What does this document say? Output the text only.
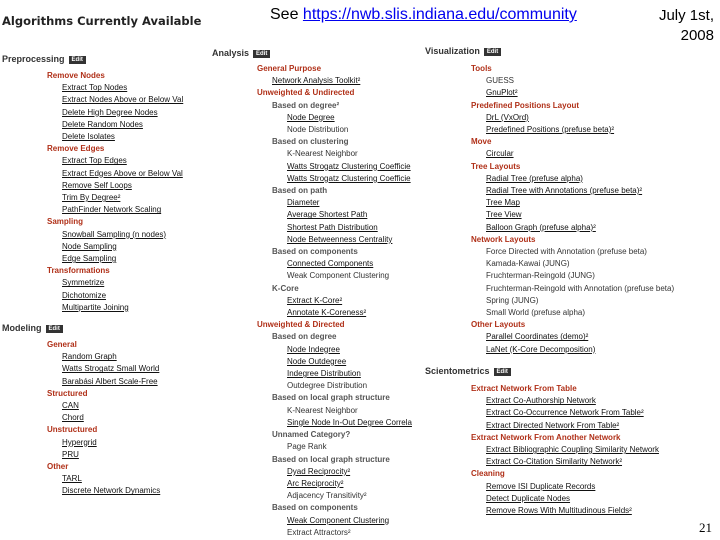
Algorithms Currently Available	See https://nwb.slis.indiana.edu/community	July 1st,
2008
Preprocessing Edit
Modeling Edit
Analysis Edit	Visualization Edit
Scientometrics Edit
Remove Nodes
Extract Top Nodes
Extract Nodes Above or Below Val
Delete High Degree Nodes
Delete Random Nodes
Delete Isolates
Remove Edges
Extract Top Edges
Extract Edges Above or Below Val
Remove Self Loops
Trim By Degree²
PathFinder Network Scaling
Sampling
Snowball Sampling (n nodes)
Node Sampling
Edge Sampling
Transformations
Symmetrize
Dichotomize
Multipartite Joining
General
Random Graph
Watts Strogatz Small World
Barabási Albert Scale-Free
Structured
CAN
Chord
Unstructured
Hypergrid
PRU
Other
TARL
Discrete Network Dynamics
General Purpose
Network Analysis Toolkit²
Unweighted & Undirected
Based on degree²
Node Degree
Node Distribution
Based on clustering
K-Nearest Neighbor
Watts Strogatz Clustering Coefficie
Watts Strogatz Clustering Coefficie
Based on path
Diameter
Average Shortest Path
Shortest Path Distribution
Node Betweenness Centrality
Based on components
Connected Components
Weak Component Clustering
K-Core
Extract K-Core²
Annotate K-Coreness²
Unweighted & Directed
Based on degree
Node Indegree
Node Outdegree
Indegree Distribution
Outdegree Distribution
Based on local graph structure
K-Nearest Neighbor
Single Node In-Out Degree Correla
Unnamed Category?
Page Rank
Based on local graph structure
Dyad Reciprocity²
Arc Reciprocity²
Adjacency Transitivity²
Based on components
Weak Component Clustering
Extract Attractors²
Tools
GUESS
GnuPlot²
Predefined Positions Layout
DrL (VxOrd)
Predefined Positions (prefuse beta)²
Move
Circular
Tree Layouts
Radial Tree (prefuse alpha)
Radial Tree with Annotations (prefuse beta)²
Tree Map
Tree View
Balloon Graph (prefuse alpha)²
Network Layouts
Force Directed with Annotation (prefuse beta)
Kamada-Kawai (JUNG)
Fruchterman-Reingold (JUNG)
Fruchterman-Reingold with Annotation (prefuse beta)
Spring (JUNG)
Small World (prefuse alpha)
Other Layouts
Parallel Coordinates (demo)²
LaNet (K-Core Decomposition)
Extract Network From Table
Extract Co-Authorship Network
Extract Co-Occurrence Network From Table²
Extract Directed Network From Table²
Extract Network From Another Network
Extract Bibliographic Coupling Similarity Network
Extract Co-Citation Similarity Network²
Cleaning
Remove ISI Duplicate Records
Detect Duplicate Nodes
Remove Rows With Multitudinous Fields²
21
